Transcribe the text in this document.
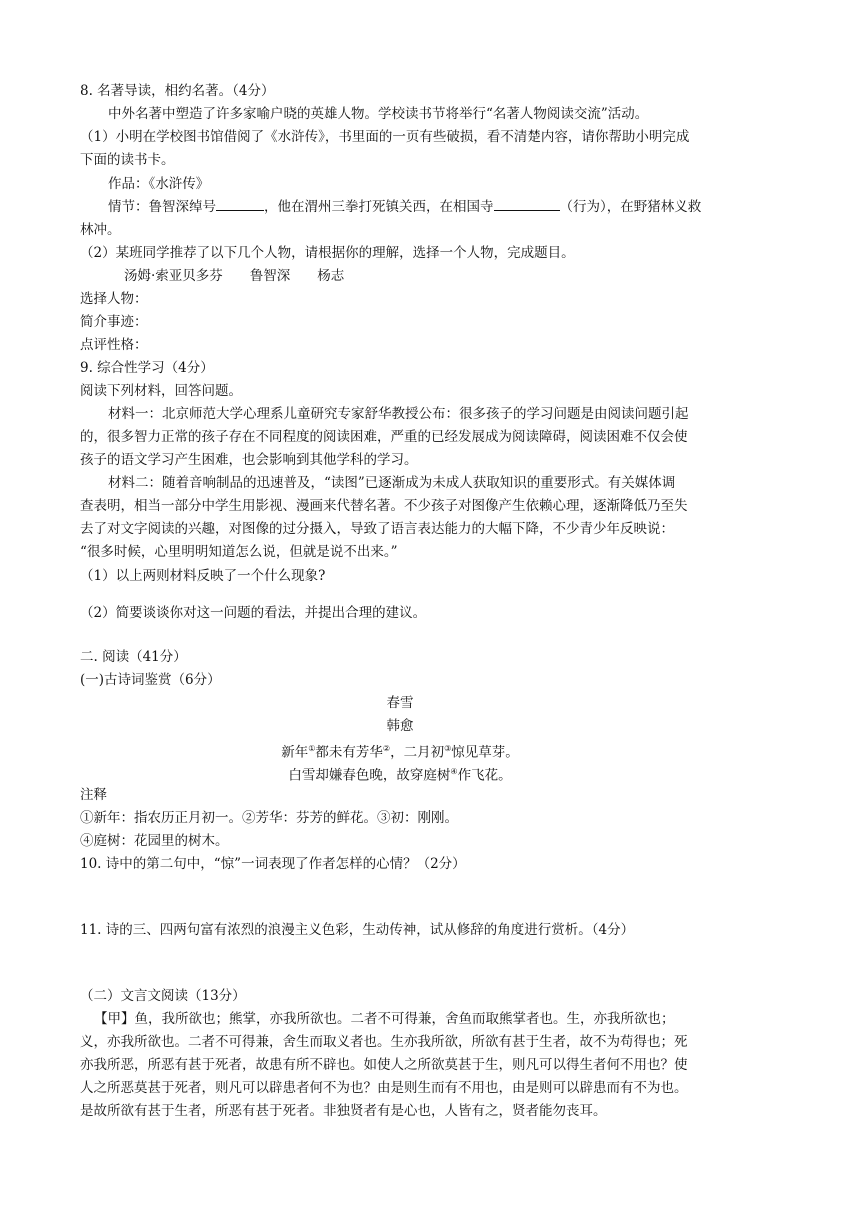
8. 名著导读，相约名著。（4分）
中外名著中塑造了许多家喻户晓的英雄人物。学校读书节将举行“名著人物阅读交流”活动。
（1）小明在学校图书馆借阅了《水浒传》，书里面的一页有些破损，看不清楚内容，请你帮助小明完成
下面的读书卡。
作品：《水浒传》
情节：鲁智深绰号	，他在渭州三拳打死镇关西，在相国寺	（行为），在野猪林义救
林冲。
（2）某班同学推荐了以下几个人物，请根据你的理解，选择一个人物，完成题目。
汤姆·索亚贝多芬　　鲁智深　　杨志
选择人物：
简介事迹：
点评性格：
9. 综合性学习（4分）
阅读下列材料，回答问题。
材料一：北京师范大学心理系儿童研究专家舒华教授公布：很多孩子的学习问题是由阅读问题引起
的，很多智力正常的孩子存在不同程度的阅读困难，严重的已经发展成为阅读障碍，阅读困难不仅会使
孩子的语文学习产生困难，也会影响到其他学科的学习。
材料二：随着音响制品的迅速普及，“读图”已逐渐成为未成人获取知识的重要形式。有关媒体调
查表明，相当一部分中学生用影视、漫画来代替名著。不少孩子对图像产生依赖心理，逐渐降低乃至失
去了对文字阅读的兴趣，对图像的过分摄入，导致了语言表达能力的大幅下降，不少青少年反映说：
“很多时候，心里明明知道怎么说，但就是说不出来。”
（1）以上两则材料反映了一个什么现象?
（2）简要谈谈你对这一问题的看法，并提出合理的建议。
二. 阅读（41分）
(一)古诗词鉴赏（6分）
春雪
韩愈
新年①都未有芳华②，二月初③惊见草芽。
白雪却嫌春色晚，故穿庭树④作飞花。
注释
①新年：指农历正月初一。②芳华：芬芳的鲜花。③初：刚刚。
④庭树：花园里的树木。
10. 诗中的第二句中，“惊”一词表现了作者怎样的心情？（2分）
11. 诗的三、四两句富有浓烈的浪漫主义色彩，生动传神，试从修辞的角度进行赏析。（4分）
（二）文言文阅读（13分）
【甲】鱼，我所欲也；熊掌，亦我所欲也。二者不可得兼，舍鱼而取熊掌者也。生，亦我所欲也；
义，亦我所欲也。二者不可得兼，舍生而取义者也。生亦我所欲，所欲有甚于生者，故不为苟得也；死
亦我所恶，所恶有甚于死者，故患有所不辟也。如使人之所欲莫甚于生，则凡可以得生者何不用也？使
人之所恶莫甚于死者，则凡可以辟患者何不为也？由是则生而有不用也，由是则可以辟患而有不为也。
是故所欲有甚于生者，所恶有甚于死者。非独贤者有是心也，人皆有之，贤者能勿丧耳。
